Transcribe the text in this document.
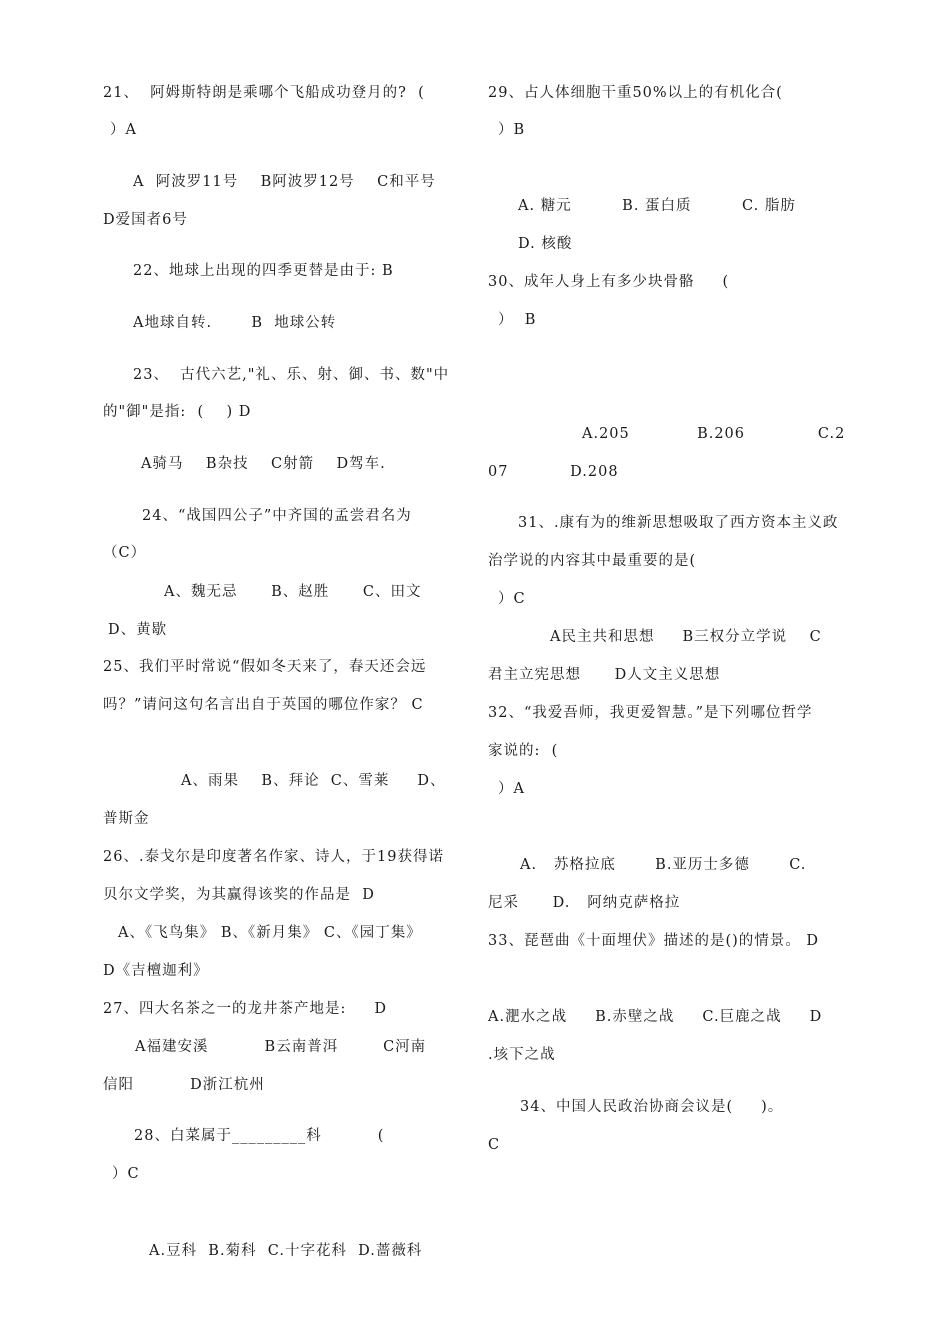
21、  阿姆斯特朗是乘哪个飞船成功登月的?  (
）A
A  阿波罗11号    B阿波罗12号    C和平号
D爱国者6号
22、地球上出现的四季更替是由于: B
A地球自转.       B  地球公转
23、  古代六艺,"礼、乐、射、御、书、数"中
的"御"是指:  (    ) D
A骑马    B杂技    C射箭    D驾车.
24、“战国四公子”中齐国的孟尝君名为
（C）
A、魏无忌      B、赵胜      C、田文
D、黄歇
25、我们平时常说“假如冬天来了，春天还会远
吗？”请问这句名言出自于英国的哪位作家？ C
A、雨果    B、拜论  C、雪莱     D、
普斯金
26、.泰戈尔是印度著名作家、诗人，于19获得诺
贝尔文学奖，为其赢得该奖的作品是  D
A、《飞鸟集》 B、《新月集》 C、《园丁集》
D《吉檀迦利》
27、四大名茶之一的龙井茶产地是:     D
A福建安溪          B云南普洱        C河南
信阳          D浙江杭州
28、白菜属于_________科          (
）C
A.豆科  B.菊科  C.十字花科  D.蔷薇科
29、占人体细胞干重50%以上的有机化合(
）B
A. 糖元         B. 蛋白质         C. 脂肪
D. 核酸
30、成年人身上有多少块骨骼     (
）  B
A.205            B.206             C.2
07           D.208
31、.康有为的维新思想吸取了西方资本主义政
治学说的内容其中最重要的是(
）C
A民主共和思想     B三权分立学说    C
君主立宪思想      D人文主义思想
32、“我爱吾师，我更爱智慧。”是下列哪位哲学
家说的:  (
）A
A.   苏格拉底       B.亚历士多德       C.
尼采      D.   阿纳克萨格拉
33、琵琶曲《十面埋伏》描述的是()的情景。 D
A.淝水之战     B.赤壁之战     C.巨鹿之战     D
.垓下之战
34、中国人民政治协商会议是(     )。
C
